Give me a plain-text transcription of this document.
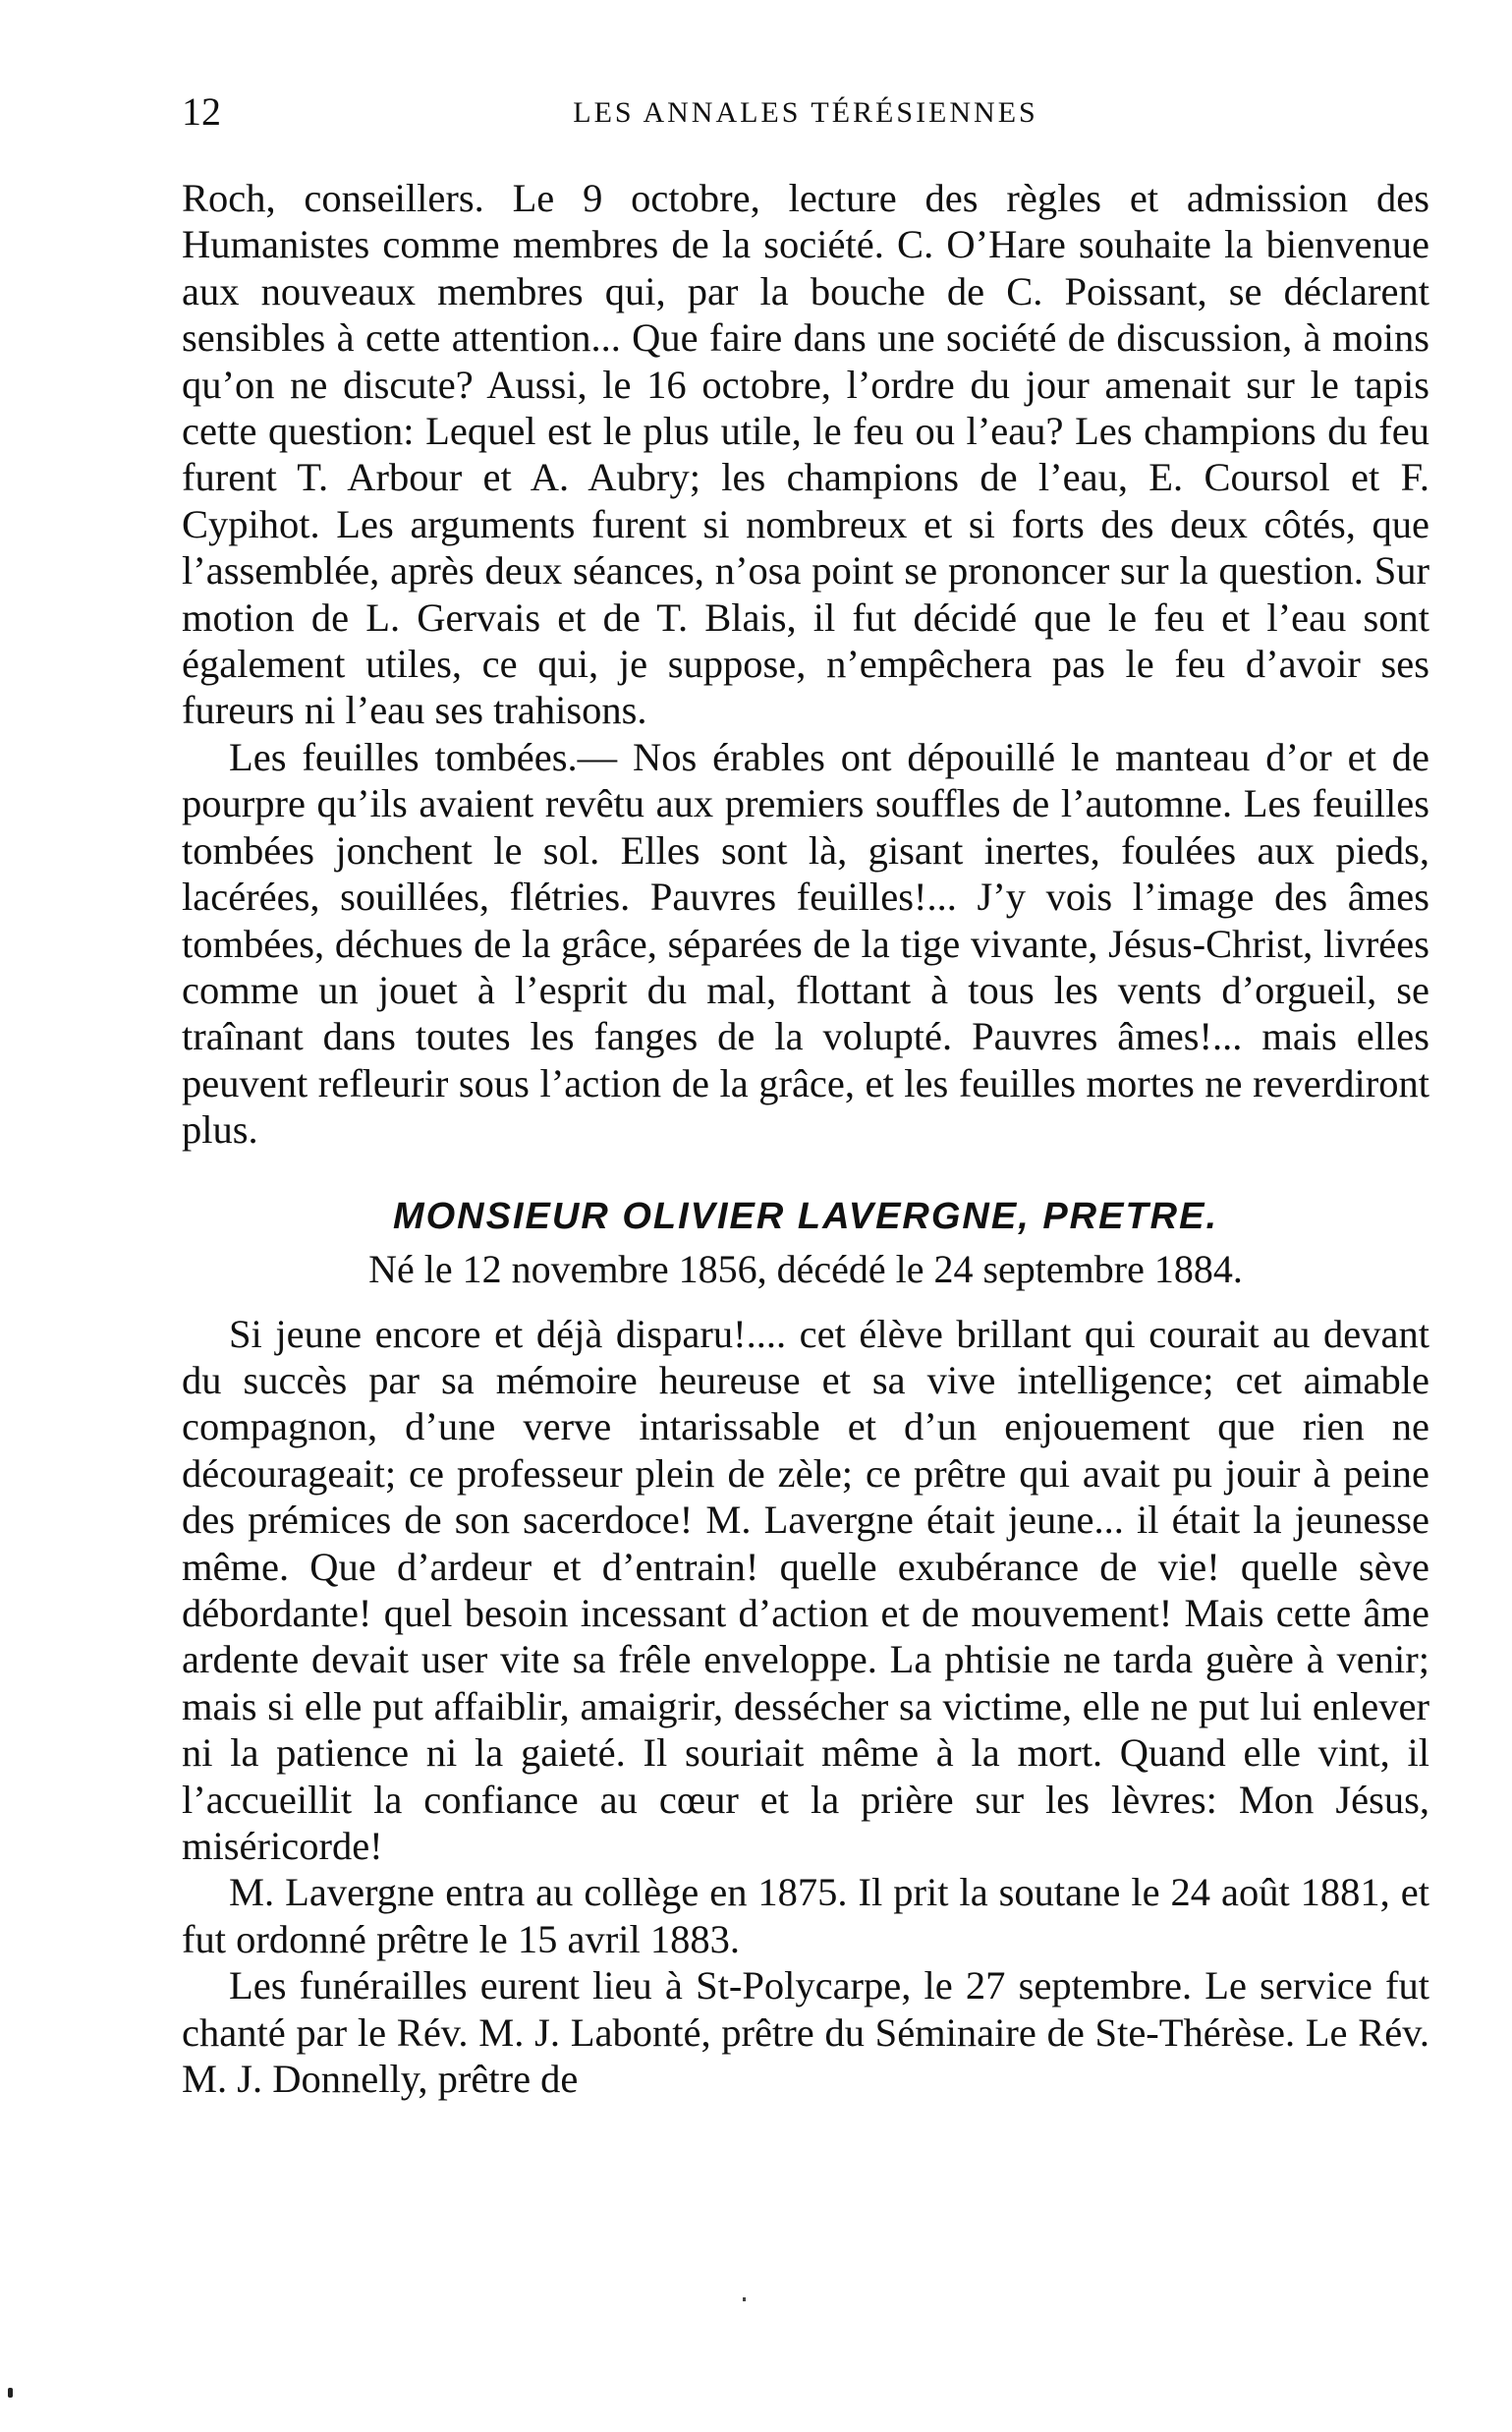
12	LES ANNALES TÉRÉSIENNES

Roch, conseillers. Le 9 octobre, lecture des règles et admission des Humanistes comme membres de la société. C. O’Hare souhaite la bienvenue aux nouveaux membres qui, par la bouche de C. Poissant, se déclarent sensibles à cette attention... Que faire dans une société de discussion, à moins qu’on ne discute? Aussi, le 16 octobre, l’ordre du jour amenait sur le tapis cette question: Lequel est le plus utile, le feu ou l’eau? Les champions du feu furent T. Arbour et A. Aubry; les champions de l’eau, E. Coursol et F. Cypihot. Les arguments furent si nombreux et si forts des deux côtés, que l’assemblée, après deux séances, n’osa point se prononcer sur la question. Sur motion de L. Gervais et de T. Blais, il fut décidé que le feu et l’eau sont également utiles, ce qui, je suppose, n’empêchera pas le feu d’avoir ses fureurs ni l’eau ses trahisons.

Les feuilles tombées.— Nos érables ont dépouillé le manteau d’or et de pourpre qu’ils avaient revêtu aux premiers souffles de l’automne. Les feuilles tombées jonchent le sol. Elles sont là, gisant inertes, foulées aux pieds, lacérées, souillées, flétries. Pauvres feuilles!... J’y vois l’image des âmes tombées, déchues de la grâce, séparées de la tige vivante, Jésus-Christ, livrées comme un jouet à l’esprit du mal, flottant à tous les vents d’orgueil, se traînant dans toutes les fanges de la volupté. Pauvres âmes!... mais elles peuvent refleurir sous l’action de la grâce, et les feuilles mortes ne reverdiront plus.

MONSIEUR OLIVIER LAVERGNE, PRETRE.
Né le 12 novembre 1856, décédé le 24 septembre 1884.

Si jeune encore et déjà disparu!.... cet élève brillant qui courait au devant du succès par sa mémoire heureuse et sa vive intelligence; cet aimable compagnon, d’une verve intarissable et d’un enjouement que rien ne décourageait; ce professeur plein de zèle; ce prêtre qui avait pu jouir à peine des prémices de son sacerdoce! M. Lavergne était jeune... il était la jeunesse même. Que d’ardeur et d’entrain! quelle exubérance de vie! quelle sève débordante! quel besoin incessant d’action et de mouvement! Mais cette âme ardente devait user vite sa frêle enveloppe. La phtisie ne tarda guère à venir; mais si elle put affaiblir, amaigrir, dessécher sa victime, elle ne put lui enlever ni la patience ni la gaieté. Il souriait même à la mort. Quand elle vint, il l’accueillit la confiance au cœur et la prière sur les lèvres: Mon Jésus, miséricorde!

M. Lavergne entra au collège en 1875. Il prit la soutane le 24 août 1881, et fut ordonné prêtre le 15 avril 1883.

Les funérailles eurent lieu à St-Polycarpe, le 27 septembre. Le service fut chanté par le Rév. M. J. Labonté, prêtre du Séminaire de Ste-Thérèse. Le Rév. M. J. Donnelly, prêtre de
